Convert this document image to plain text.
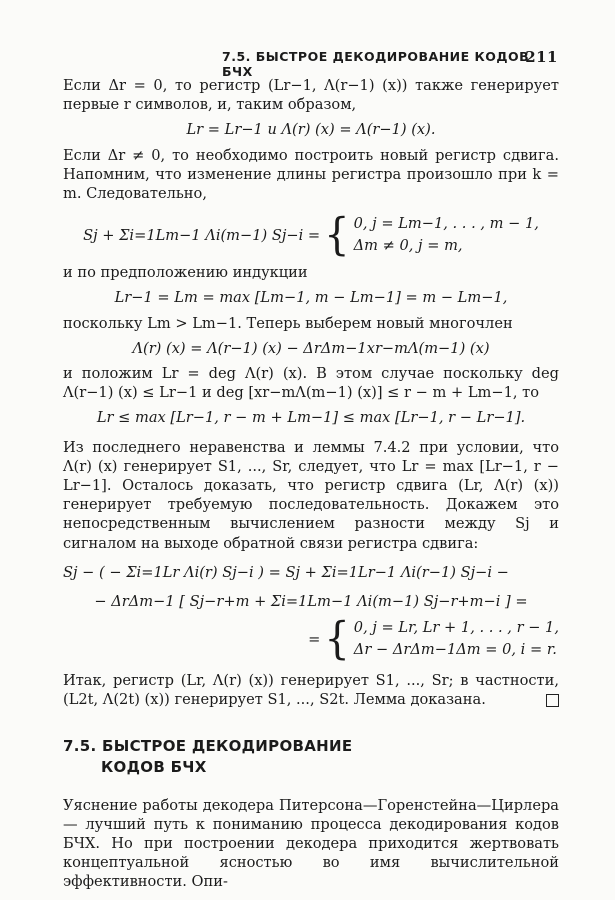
7.5. БЫСТРОЕ ДЕКОДИРОВАНИЕ КОДОВ БЧХ
211

Если Δr = 0, то регистр (Lr−1, Λ(r−1) (x)) также генерирует первые r символов, и, таким образом,

Lr = Lr−1 и Λ(r) (x) = Λ(r−1) (x).

Если Δr ≠ 0, то необходимо построить новый регистр сдвига. Напомним, что изменение длины регистра произошло при k = m. Следовательно,

Sj + Σi=1Lm−1 Λi(m−1) Sj−i = { 0, j = Lm−1, . . . , m − 1,
Δm ≠ 0, j = m,

и по предположению индукции

Lr−1 = Lm = max [Lm−1, m − Lm−1] = m − Lm−1,

поскольку Lm > Lm−1. Теперь выберем новый многочлен

Λ(r) (x) = Λ(r−1) (x) − ΔrΔm−1xr−mΛ(m−1) (x)

и положим Lr = deg Λ(r) (x). В этом случае поскольку deg Λ(r−1) (x) ≤ Lr−1 и deg [xr−mΛ(m−1) (x)] ≤ r − m + Lm−1, то

Lr ≤ max [Lr−1, r − m + Lm−1] ≤ max [Lr−1, r − Lr−1].

Из последнего неравенства и леммы 7.4.2 при условии, что Λ(r) (x) генерирует S1, ..., Sr, следует, что Lr = max [Lr−1, r − Lr−1]. Осталось доказать, что регистр сдвига (Lr, Λ(r) (x)) генерирует требуемую последовательность. Докажем это непосредственным вычислением разности между Sj и сигналом на выходе обратной связи регистра сдвига:

Sj − ( − Σi=1Lr Λi(r) Sj−i ) = Sj + Σi=1Lr−1 Λi(r−1) Sj−i −

− ΔrΔm−1 [ Sj−r+m + Σi=1Lm−1 Λi(m−1) Sj−r+m−i ] =

= { 0, j = Lr, Lr + 1, . . . , r − 1,
Δr − ΔrΔm−1Δm = 0, i = r.

Итак, регистр (Lr, Λ(r) (x)) генерирует S1, ..., Sr; в частности, (L2t, Λ(2t) (x)) генерирует S1, ..., S2t. Лемма доказана.

7.5. БЫСТРОЕ ДЕКОДИРОВАНИЕ
КОДОВ БЧХ

Уяснение работы декодера Питерсона—Горенстейна—Цирлера — лучший путь к пониманию процесса декодирования кодов БЧХ. Но при построении декодера приходится жертвовать концептуальной ясностью во имя вычислительной эффективности. Опи-
